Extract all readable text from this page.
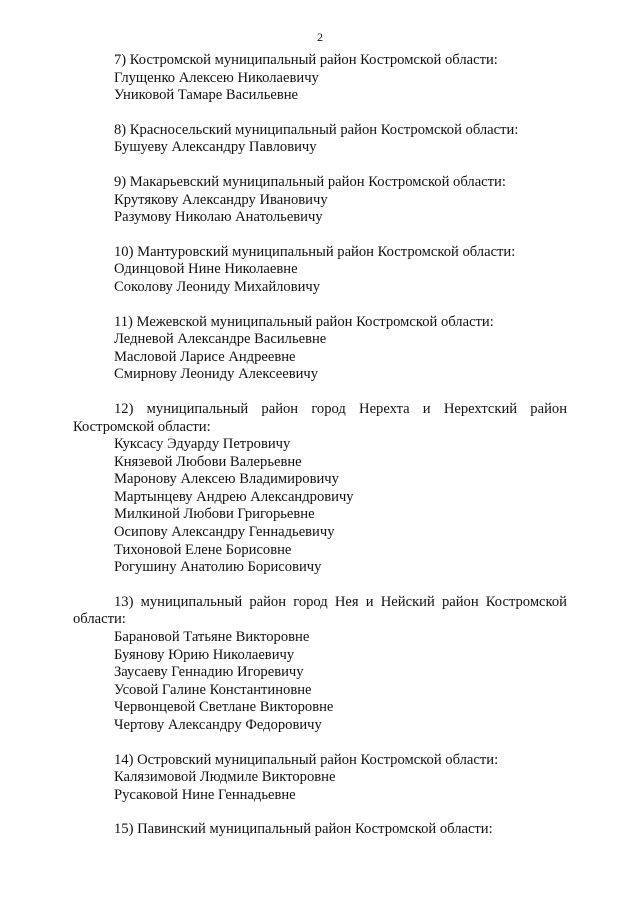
2
7) Костромской муниципальный район Костромской области:
Глущенко Алексею Николаевичу
Униковой Тамаре Васильевне
8) Красносельский муниципальный район Костромской области:
Бушуеву Александру Павловичу
9) Макарьевский муниципальный район Костромской области:
Крутякову Александру Ивановичу
Разумову Николаю Анатольевичу
10) Мантуровский муниципальный район Костромской области:
Одинцовой Нине Николаевне
Соколову Леониду Михайловичу
11) Межевской муниципальный район Костромской области:
Ледневой Александре Васильевне
Масловой Ларисе Андреевне
Смирнову Леониду Алексеевичу
12) муниципальный район город Нерехта и Нерехтский район Костромской области:
Куксасу Эдуарду Петровичу
Князевой Любови Валерьевне
Маронову Алексею Владимировичу
Мартынцеву Андрею Александровичу
Милкиной Любови Григорьевне
Осипову Александру Геннадьевичу
Тихоновой Елене Борисовне
Рогушину Анатолию Борисовичу
13) муниципальный район город Нея и Нейский район Костромской области:
Барановой Татьяне Викторовне
Буянову Юрию Николаевичу
Заусаеву Геннадию Игоревичу
Усовой Галине Константиновне
Червонцевой Светлане Викторовне
Чертову Александру Федоровичу
14) Островский муниципальный район Костромской области:
Калязимовой Людмиле Викторовне
Русаковой Нине Геннадьевне
15) Павинский муниципальный район Костромской области:
